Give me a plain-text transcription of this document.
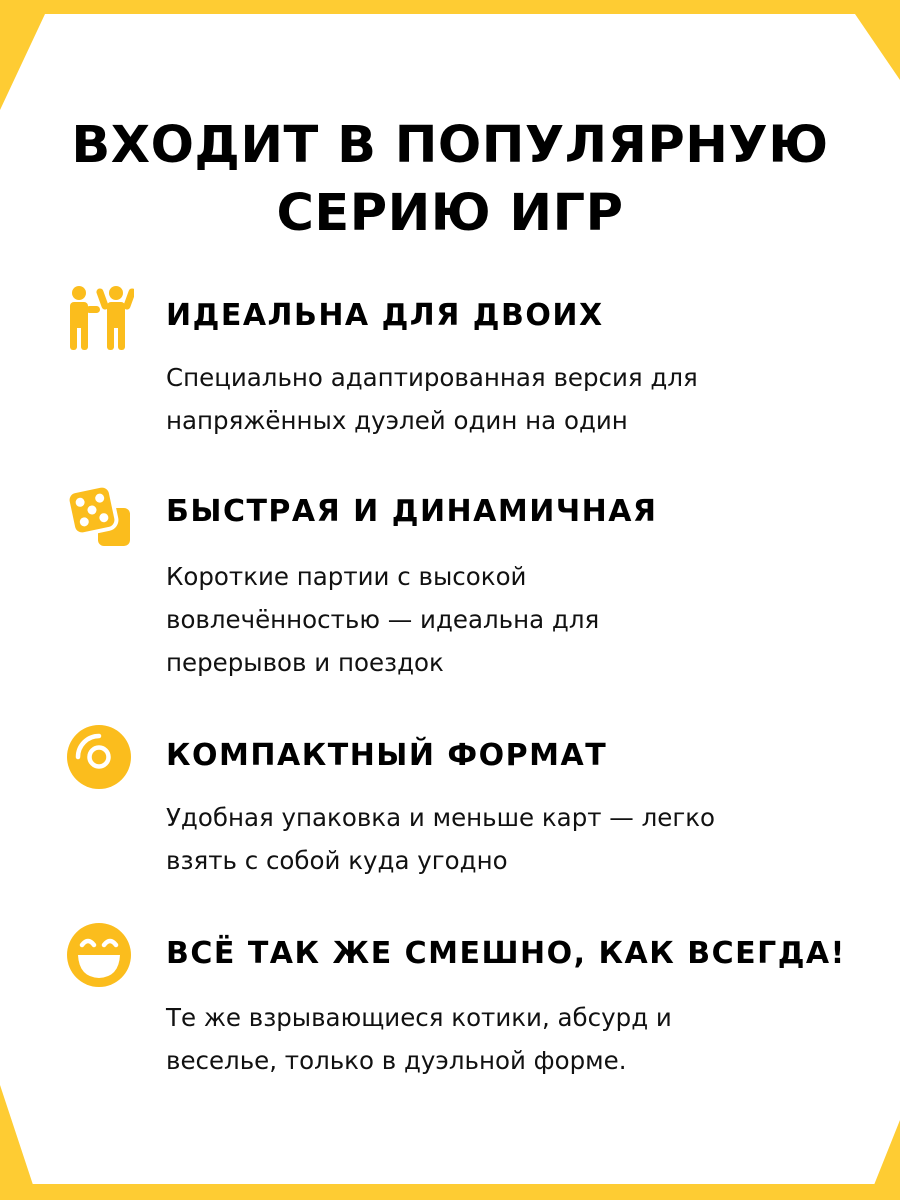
ВХОДИТ В ПОПУЛЯРНУЮ
СЕРИЮ ИГР
ИДЕАЛЬНА ДЛЯ ДВОИХ

Специально адаптированная версия для
напряжённых дуэлей один на один

БЫСТРАЯ И ДИНАМИЧНАЯ

Короткие партии с высокой
вовлечённостью — идеальна для
перерывов и поездок

КОМПАКТНЫЙ ФОРМАТ

Удобная упаковка и меньше карт — легко
взять с собой куда угодно

ВСЁ ТАК ЖЕ СМЕШНО, КАК ВСЕГДА!

Те же взрывающиеся котики, абсурд и
веселье, только в дуэльной форме.
